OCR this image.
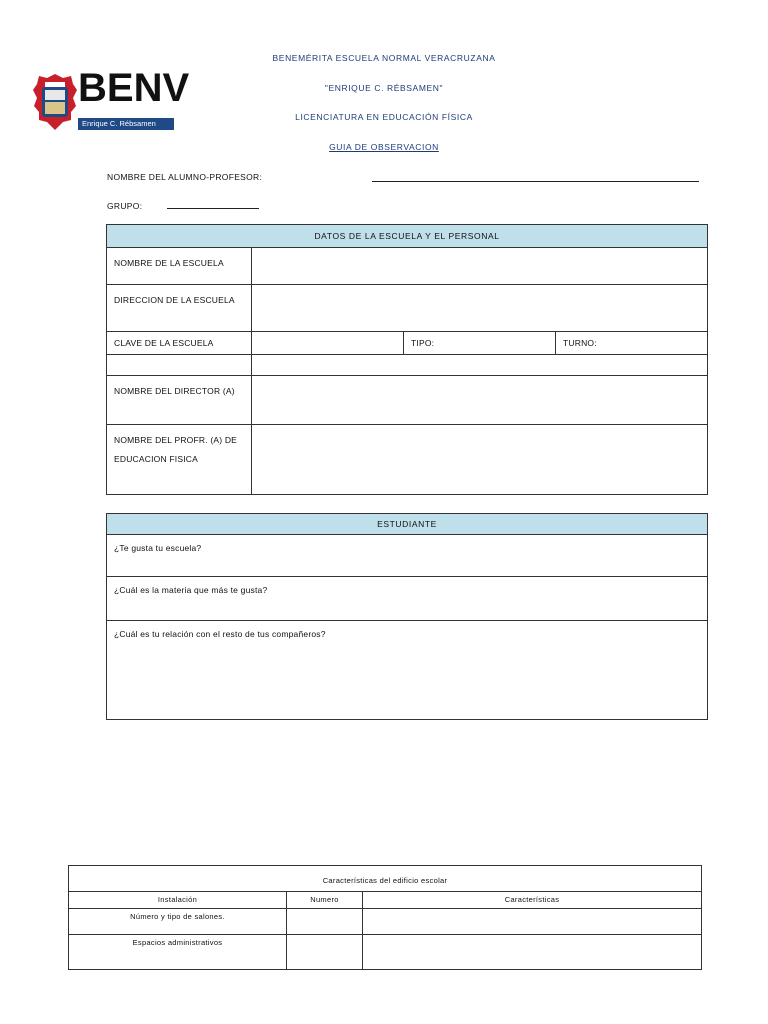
BENEMÉRITA ESCUELA NORMAL VERACRUZANA
"ENRIQUE C. RÉBSAMEN"
LICENCIATURA EN EDUCACIÓN FÍSICA
GUIA DE OBSERVACION
BENV
Enrique C. Rébsamen
NOMBRE DEL ALUMNO-PROFESOR:
GRUPO:
DATOS DE LA ESCUELA Y EL PERSONAL			
NOMBRE DE LA ESCUELA			
DIRECCION DE LA ESCUELA			
CLAVE DE LA ESCUELA		TIPO:	TURNO:

NOMBRE DEL DIRECTOR (A)			
NOMBRE DEL PROFR. (A) DE EDUCACION FISICA			
ESTUDIANTE
¿Te gusta tu escuela?
¿Cuál es la materia que más te gusta?
¿Cuál es tu relación con el resto de tus compañeros?
Características del edificio escolar		
Instalación	Numero	Características
Número y tipo de salones.		
Espacios administrativos		
